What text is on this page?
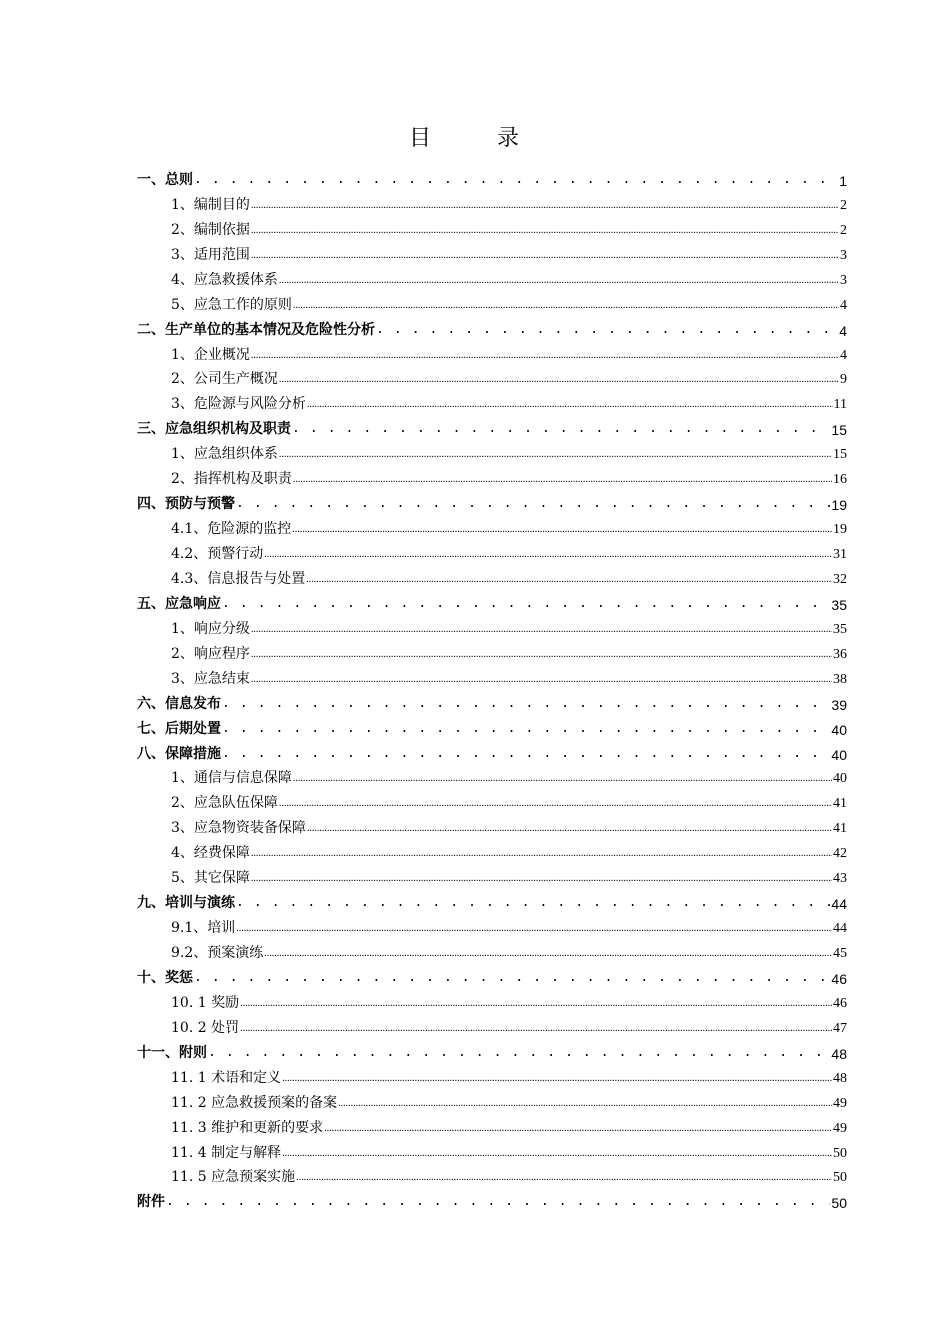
目　录
一、总则 . . .	1
1、编制目的 .....	2
2、编制依据 .....	2
3、适用范围 .....	3
4、应急救援体系 .....	3
5、应急工作的原则 .....	4
二、生产单位的基本情况及危险性分析 . . .	4
1、企业概况 .....	4
2、公司生产概况 .....	9
3、危险源与风险分析 .....	11
三、应急组织机构及职责 . . .	15
1、应急组织体系 .....	15
2、指挥机构及职责 .....	16
四、预防与预警 . . .	19
4.1、危险源的监控 .....	19
4.2、预警行动 .....	31
4.3、信息报告与处置 .....	32
五、应急响应 . . .	35
1、响应分级 .....	35
2、响应程序 .....	36
3、应急结束 .....	38
六、信息发布 . . .	39
七、后期处置 . . .	40
八、保障措施 . . .	40
1、通信与信息保障 .....	40
2、应急队伍保障 .....	41
3、应急物资装备保障 .....	41
4、经费保障 .....	42
5、其它保障 .....	43
九、培训与演练 . . .	44
9.1、培训 .....	44
9.2、预案演练 .....	45
十、奖惩 . . .	46
10. 1 奖励 .....	46
10. 2 处罚 .....	47
十一、附则 . . .	48
11. 1 术语和定义 .....	48
11. 2 应急救援预案的备案 .....	49
11. 3 维护和更新的要求 .....	49
11. 4 制定与解释 .....	50
11. 5 应急预案实施 .....	50
附件 . . .	50
